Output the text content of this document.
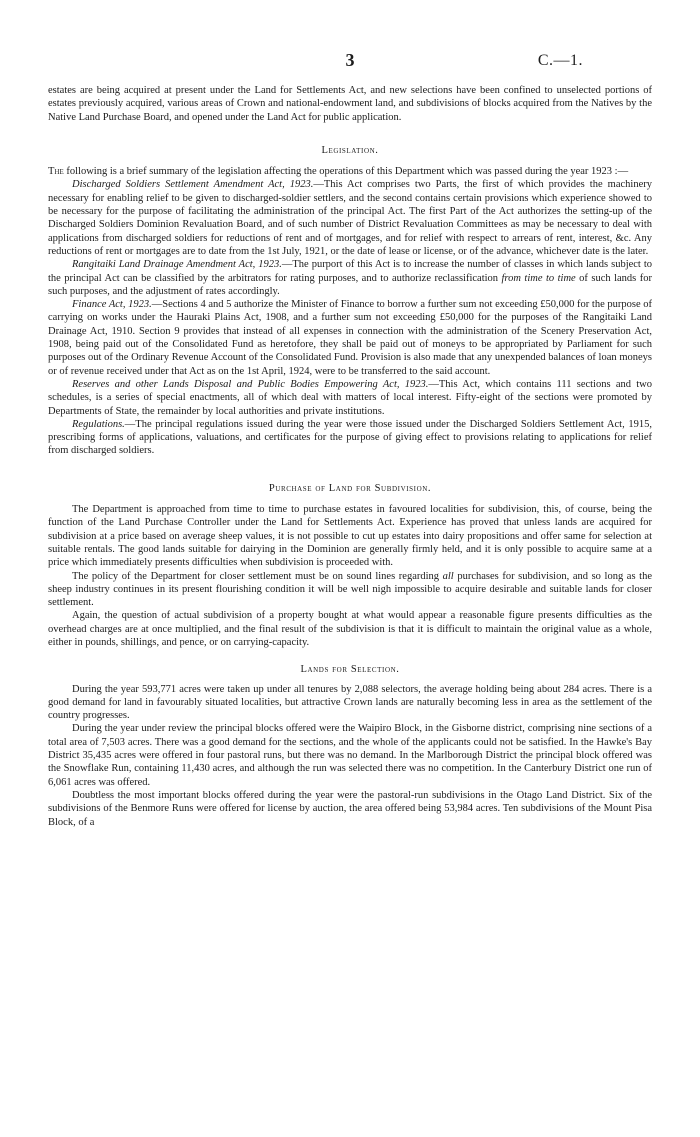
3	C.—1.

estates are being acquired at present under the Land for Settlements Act, and new selections have been confined to unselected portions of estates previously acquired, various areas of Crown and national-endowment land, and subdivisions of blocks acquired from the Natives by the Native Land Purchase Board, and opened under the Land Act for public application.

Legislation.

The following is a brief summary of the legislation affecting the operations of this Department which was passed during the year 1923 :—

Discharged Soldiers Settlement Amendment Act, 1923.—This Act comprises two Parts, the first of which provides the machinery necessary for enabling relief to be given to discharged-soldier settlers, and the second contains certain provisions which experience showed to be necessary for the purpose of facilitating the administration of the principal Act. The first Part of the Act authorizes the setting-up of the Discharged Soldiers Dominion Revaluation Board, and of such number of District Revaluation Committees as may be necessary to deal with applications from discharged soldiers for reductions of rent and of mortgages, and for relief with respect to arrears of rent, interest, &c. Any reductions of rent or mortgages are to date from the 1st July, 1921, or the date of lease or license, or of the advance, whichever date is the later.

Rangitaiki Land Drainage Amendment Act, 1923.—The purport of this Act is to increase the number of classes in which lands subject to the principal Act can be classified by the arbitrators for rating purposes, and to authorize reclassification from time to time of such lands for such purposes, and the adjustment of rates accordingly.

Finance Act, 1923.—Sections 4 and 5 authorize the Minister of Finance to borrow a further sum not exceeding £50,000 for the purpose of carrying on works under the Hauraki Plains Act, 1908, and a further sum not exceeding £50,000 for the purposes of the Rangitaiki Land Drainage Act, 1910. Section 9 provides that instead of all expenses in connection with the administration of the Scenery Preservation Act, 1908, being paid out of the Consolidated Fund as heretofore, they shall be paid out of moneys to be appropriated by Parliament for such purposes out of the Ordinary Revenue Account of the Consolidated Fund. Provision is also made that any unexpended balances of loan moneys or of revenue received under that Act as on the 1st April, 1924, were to be transferred to the said account.

Reserves and other Lands Disposal and Public Bodies Empowering Act, 1923.—This Act, which contains 111 sections and two schedules, is a series of special enactments, all of which deal with matters of local interest. Fifty-eight of the sections were promoted by Departments of State, the remainder by local authorities and private institutions.

Regulations.—The principal regulations issued during the year were those issued under the Discharged Soldiers Settlement Act, 1915, prescribing forms of applications, valuations, and certificates for the purpose of giving effect to provisions relating to applications for relief from discharged soldiers.

Purchase of Land for Subdivision.

The Department is approached from time to time to purchase estates in favoured localities for subdivision, this, of course, being the function of the Land Purchase Controller under the Land for Settlements Act. Experience has proved that unless lands are acquired for subdivision at a price based on average sheep values, it is not possible to cut up estates into dairy propositions and offer same for selection at suitable rentals. The good lands suitable for dairying in the Dominion are generally firmly held, and it is only possible to acquire same at a price which immediately presents difficulties when subdivision is proceeded with.

The policy of the Department for closer settlement must be on sound lines regarding all purchases for subdivision, and so long as the sheep industry continues in its present flourishing condition it will be well nigh impossible to acquire desirable and suitable lands for closer settlement.

Again, the question of actual subdivision of a property bought at what would appear a reasonable figure presents difficulties as the overhead charges are at once multiplied, and the final result of the subdivision is that it is difficult to maintain the original value as a whole, either in pounds, shillings, and pence, or on carrying-capacity.

Lands for Selection.

During the year 593,771 acres were taken up under all tenures by 2,088 selectors, the average holding being about 284 acres. There is a good demand for land in favourably situated localities, but attractive Crown lands are naturally becoming less in area as the settlement of the country progresses.

During the year under review the principal blocks offered were the Waipiro Block, in the Gisborne district, comprising nine sections of a total area of 7,503 acres. There was a good demand for the sections, and the whole of the applicants could not be satisfied. In the Hawke's Bay District 35,435 acres were offered in four pastoral runs, but there was no demand. In the Marlborough District the principal block offered was the Snowflake Run, containing 11,430 acres, and although the run was selected there was no competition. In the Canterbury District one run of 6,061 acres was offered.

Doubtless the most important blocks offered during the year were the pastoral-run subdivisions in the Otago Land District. Six of the subdivisions of the Benmore Runs were offered for license by auction, the area offered being 53,984 acres. Ten subdivisions of the Mount Pisa Block, of a
